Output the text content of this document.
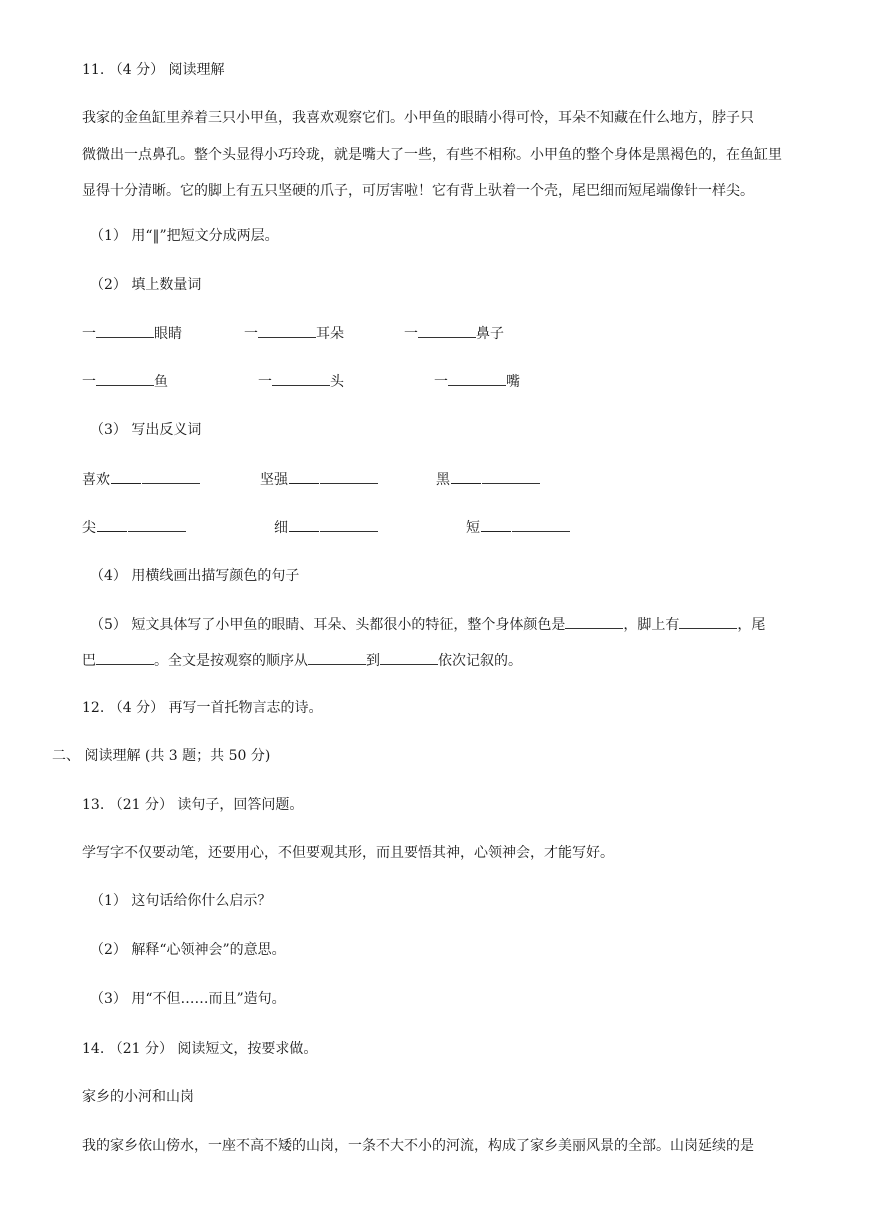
11. （4 分） 阅读理解
我家的金鱼缸里养着三只小甲鱼，我喜欢观察它们。小甲鱼的眼睛小得可怜，耳朵不知藏在什么地方，脖子只
微微出一点鼻孔。整个头显得小巧玲珑，就是嘴大了一些，有些不相称。小甲鱼的整个身体是黑褐色的，在鱼缸里
显得十分清晰。它的脚上有五只坚硬的爪子，可厉害啦！它有背上驮着一个壳，尾巴细而短尾端像针一样尖。
（1） 用“‖”把短文分成两层。
（2） 填上数量词
一	眼睛	一	耳朵	一	鼻子
一	鱼	一	头	一	嘴
（3） 写出反义词
喜欢	坚强	黑
尖	细	短
（4） 用横线画出描写颜色的句子
（5） 短文具体写了小甲鱼的眼睛、耳朵、头都很小的特征，整个身体颜色是	，脚上有	，尾
巴	。全文是按观察的顺序从	到	依次记叙的。
12. （4 分） 再写一首托物言志的诗。
二、 阅读理解 (共 3 题；共 50 分)
13. （21 分） 读句子，回答问题。
学写字不仅要动笔，还要用心，不但要观其形，而且要悟其神，心领神会，才能写好。
（1） 这句话给你什么启示？
（2） 解释“心领神会”的意思。
（3） 用“不但……而且”造句。
14. （21 分） 阅读短文，按要求做。
家乡的小河和山岗
我的家乡依山傍水，一座不高不矮的山岗，一条不大不小的河流，构成了家乡美丽风景的全部。山岗延续的是
